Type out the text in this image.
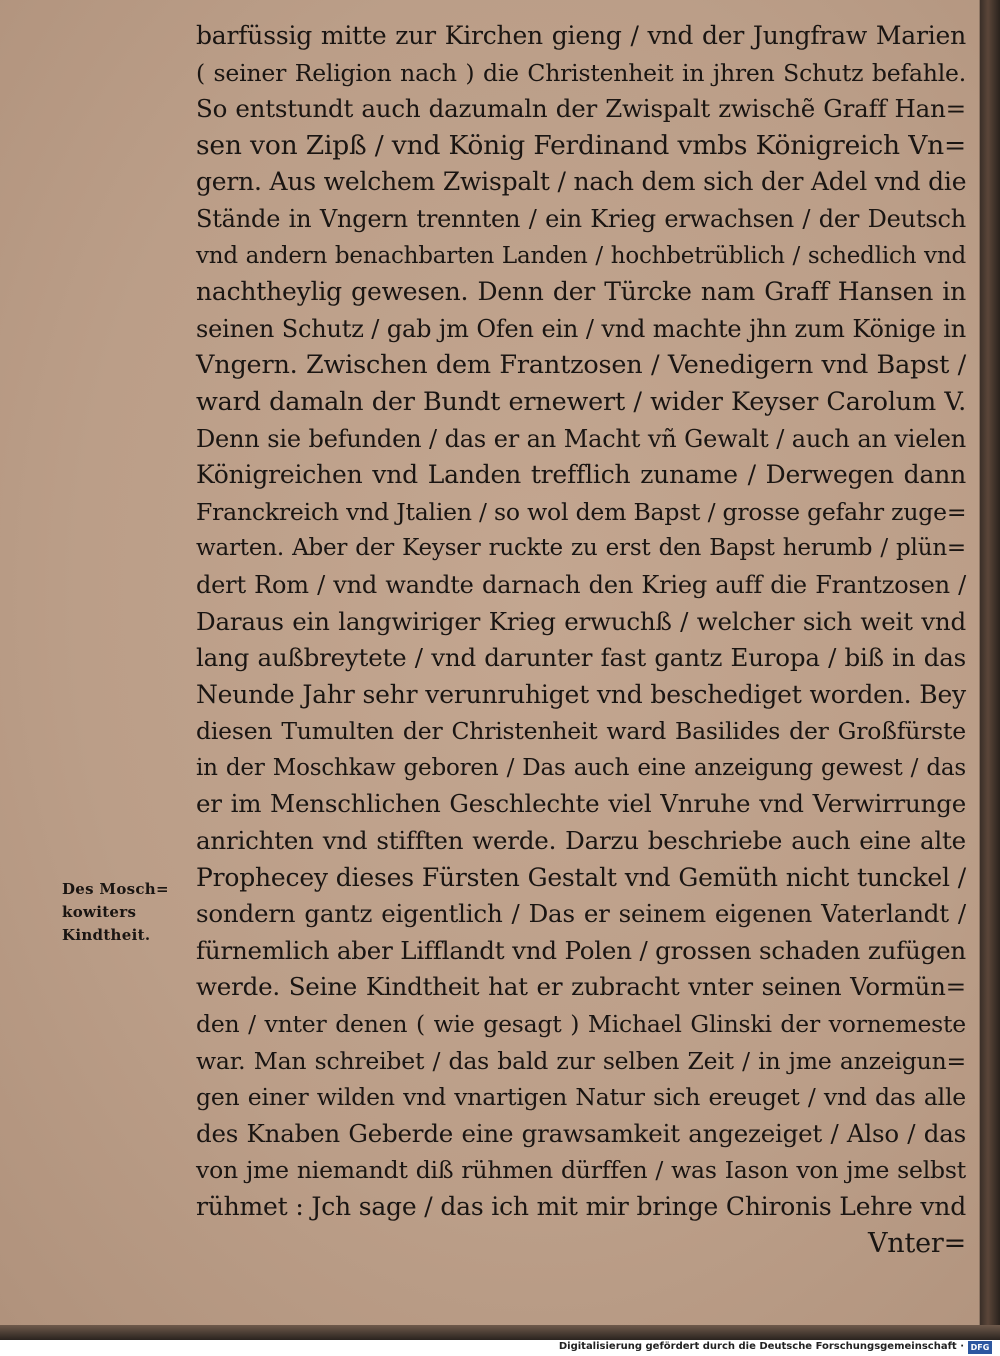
barfüssig mitte zur Kirchen gieng / vnd der Jungfraw Marien
( seiner Religion nach ) die Christenheit in jhren Schutz befahle.
So entstundt auch dazumaln der Zwispalt zwischẽ Graff Han=
sen von Zipß / vnd König Ferdinand vmbs Königreich Vn=
gern. Aus welchem Zwispalt / nach dem sich der Adel vnd die
Stände in Vngern trennten / ein Krieg erwachsen / der Deutsch
vnd andern benachbarten Landen / hochbetrüblich / schedlich vnd
nachtheylig gewesen. Denn der Türcke nam Graff Hansen in
seinen Schutz / gab jm Ofen ein / vnd machte jhn zum Könige in
Vngern. Zwischen dem Frantzosen / Venedigern vnd Bapst /
ward damaln der Bundt ernewert / wider Keyser Carolum V.
Denn sie befunden / das er an Macht vñ Gewalt / auch an vielen
Königreichen vnd Landen trefflich zuname / Derwegen dann
Franckreich vnd Jtalien / so wol dem Bapst / grosse gefahr zuge=
warten. Aber der Keyser ruckte zu erst den Bapst herumb / plün=
dert Rom / vnd wandte darnach den Krieg auff die Frantzosen /
Daraus ein langwiriger Krieg erwuchß / welcher sich weit vnd
lang außbreytete / vnd darunter fast gantz Europa / biß in das
Neunde Jahr sehr verunruhiget vnd beschediget worden. Bey
diesen Tumulten der Christenheit ward Basilides der Großfürste
in der Moschkaw geboren / Das auch eine anzeigung gewest / das
er im Menschlichen Geschlechte viel Vnruhe vnd Verwirrunge
anrichten vnd stifften werde. Darzu beschriebe auch eine alte
Prophecey dieses Fürsten Gestalt vnd Gemüth nicht tunckel /
sondern gantz eigentlich / Das er seinem eigenen Vaterlandt /
fürnemlich aber Lifflandt vnd Polen / grossen schaden zufügen
werde. Seine Kindtheit hat er zubracht vnter seinen Vormün=
den / vnter denen ( wie gesagt ) Michael Glinski der vornemeste
war. Man schreibet / das bald zur selben Zeit / in jme anzeigun=
gen einer wilden vnd vnartigen Natur sich ereuget / vnd das alle
des Knaben Geberde eine grawsamkeit angezeiget / Also / das
von jme niemandt diß rühmen dürffen / was Iason von jme selbst
rühmet : Jch sage / das ich mit mir bringe Chironis Lehre vnd
Vnter=
Des Mosch=
kowiters
Kindtheit.
Digitalisierung gefördert durch die Deutsche Forschungsgemeinschaft · DFG
